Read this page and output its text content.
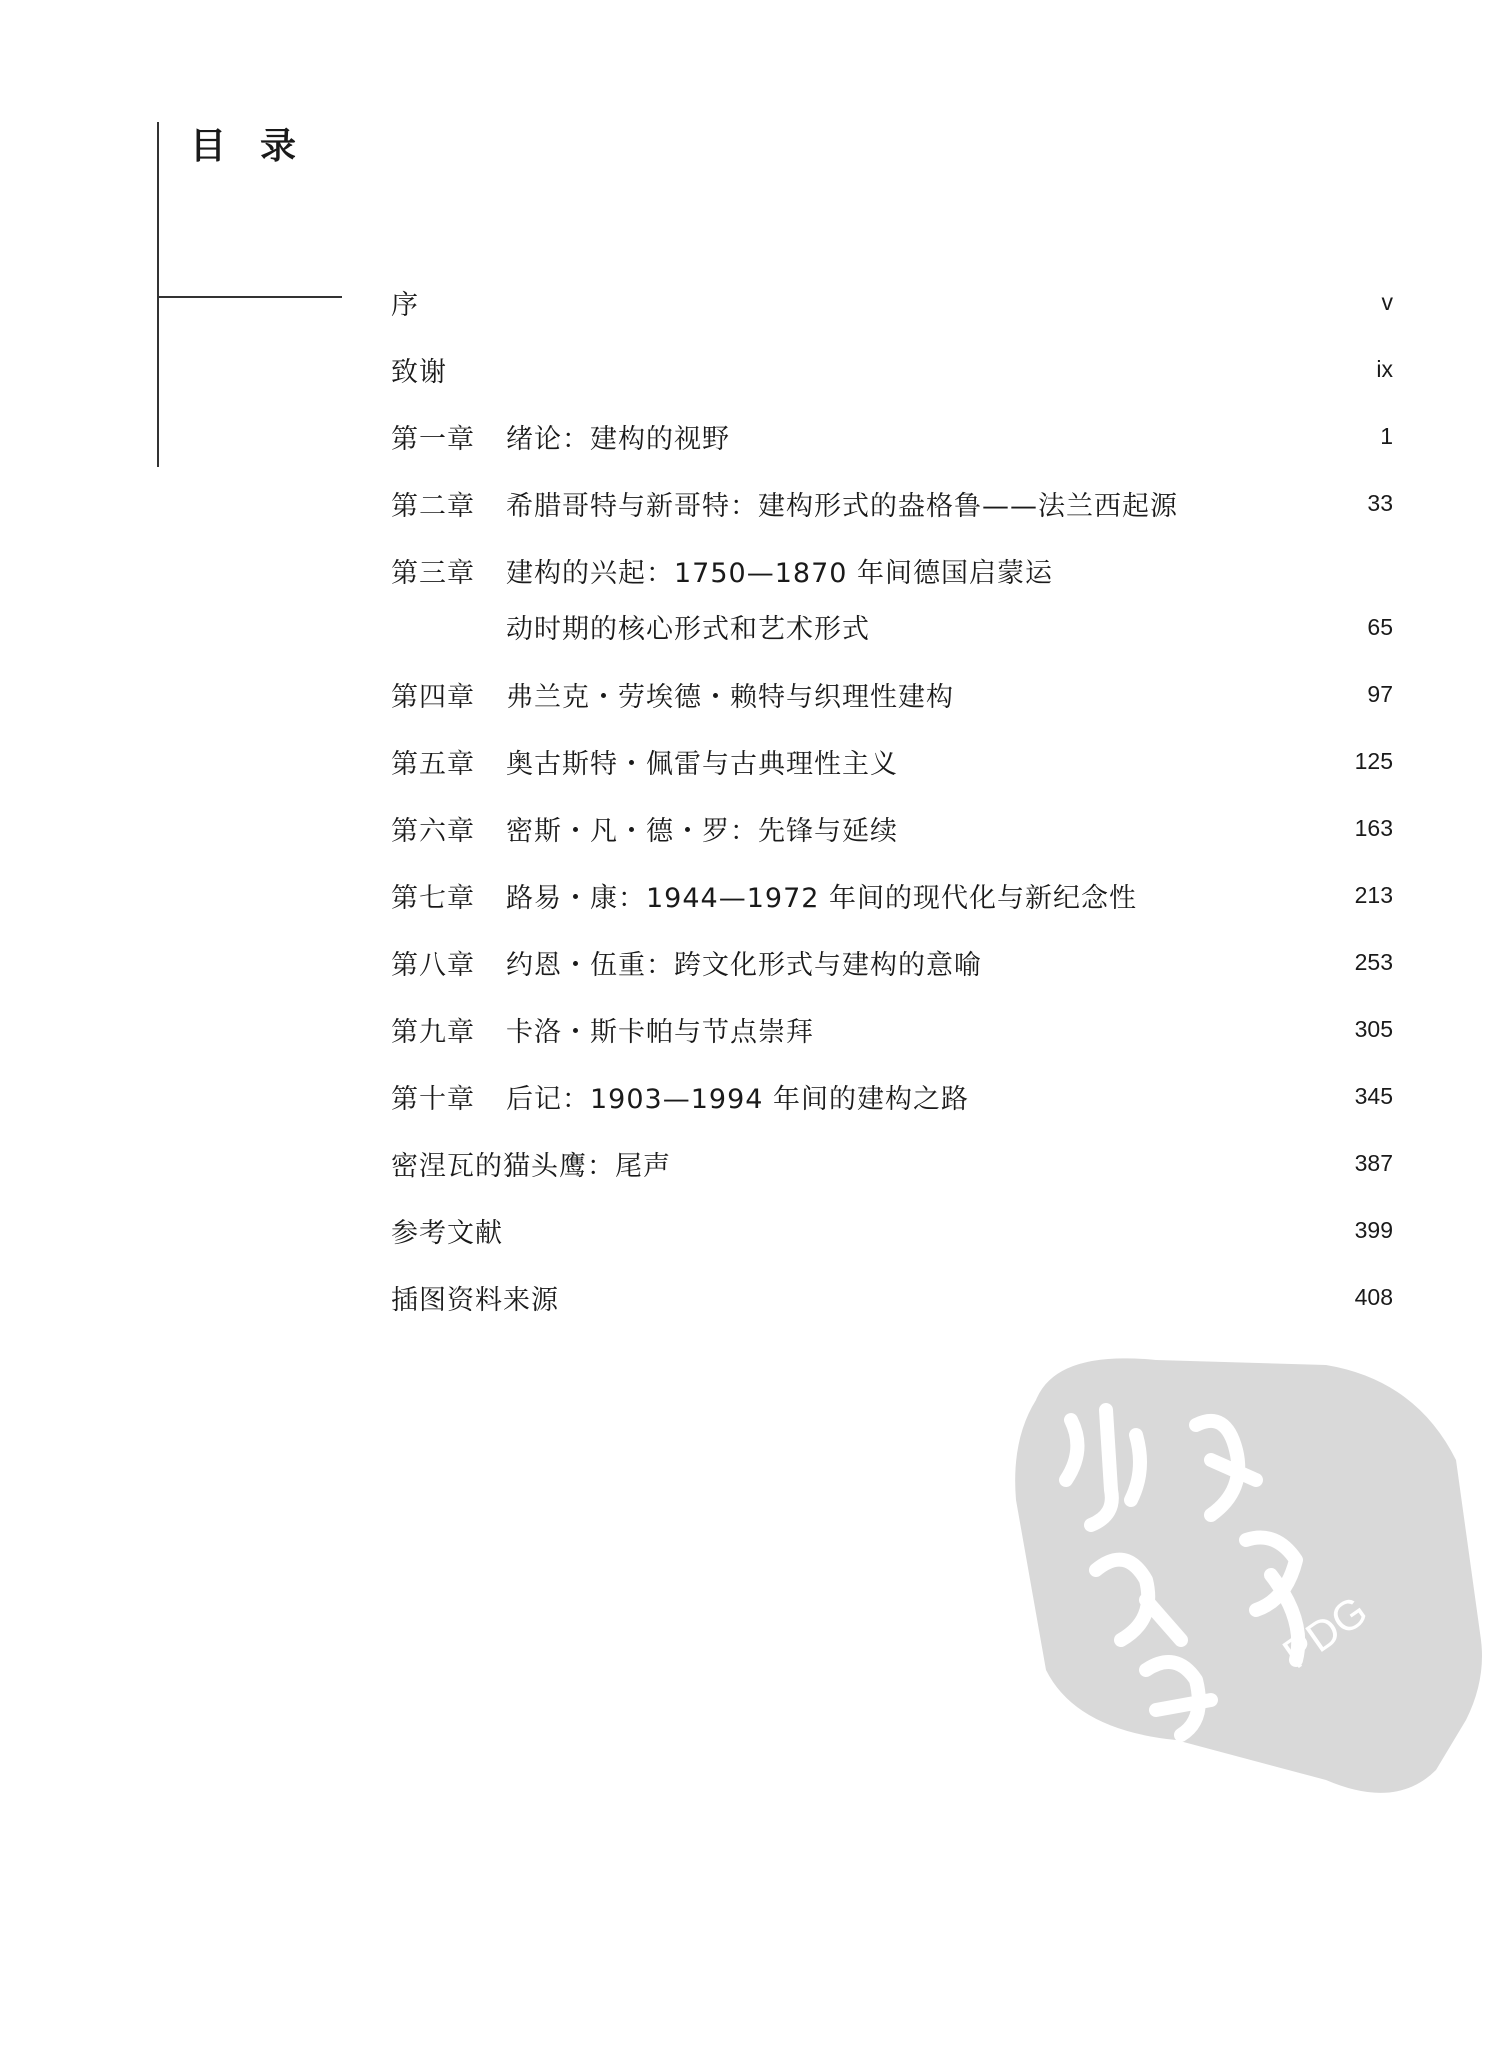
目录
序	v
致谢	ix
第一章 绪论：建构的视野	1
第二章 希腊哥特与新哥特：建构形式的盎格鲁——法兰西起源	33
第三章 建构的兴起：1750—1870 年间德国启蒙运动时期的核心形式和艺术形式	65
第四章 弗兰克・劳埃德・赖特与织理性建构	97
第五章 奥古斯特・佩雷与古典理性主义	125
第六章 密斯・凡・德・罗：先锋与延续	163
第七章 路易・康：1944—1972 年间的现代化与新纪念性	213
第八章 约恩・伍重：跨文化形式与建构的意喻	253
第九章 卡洛・斯卡帕与节点崇拜	305
第十章 后记：1903—1994 年间的建构之路	345
密涅瓦的猫头鹰：尾声	387
参考文献	399
插图资料来源	408
PDG
